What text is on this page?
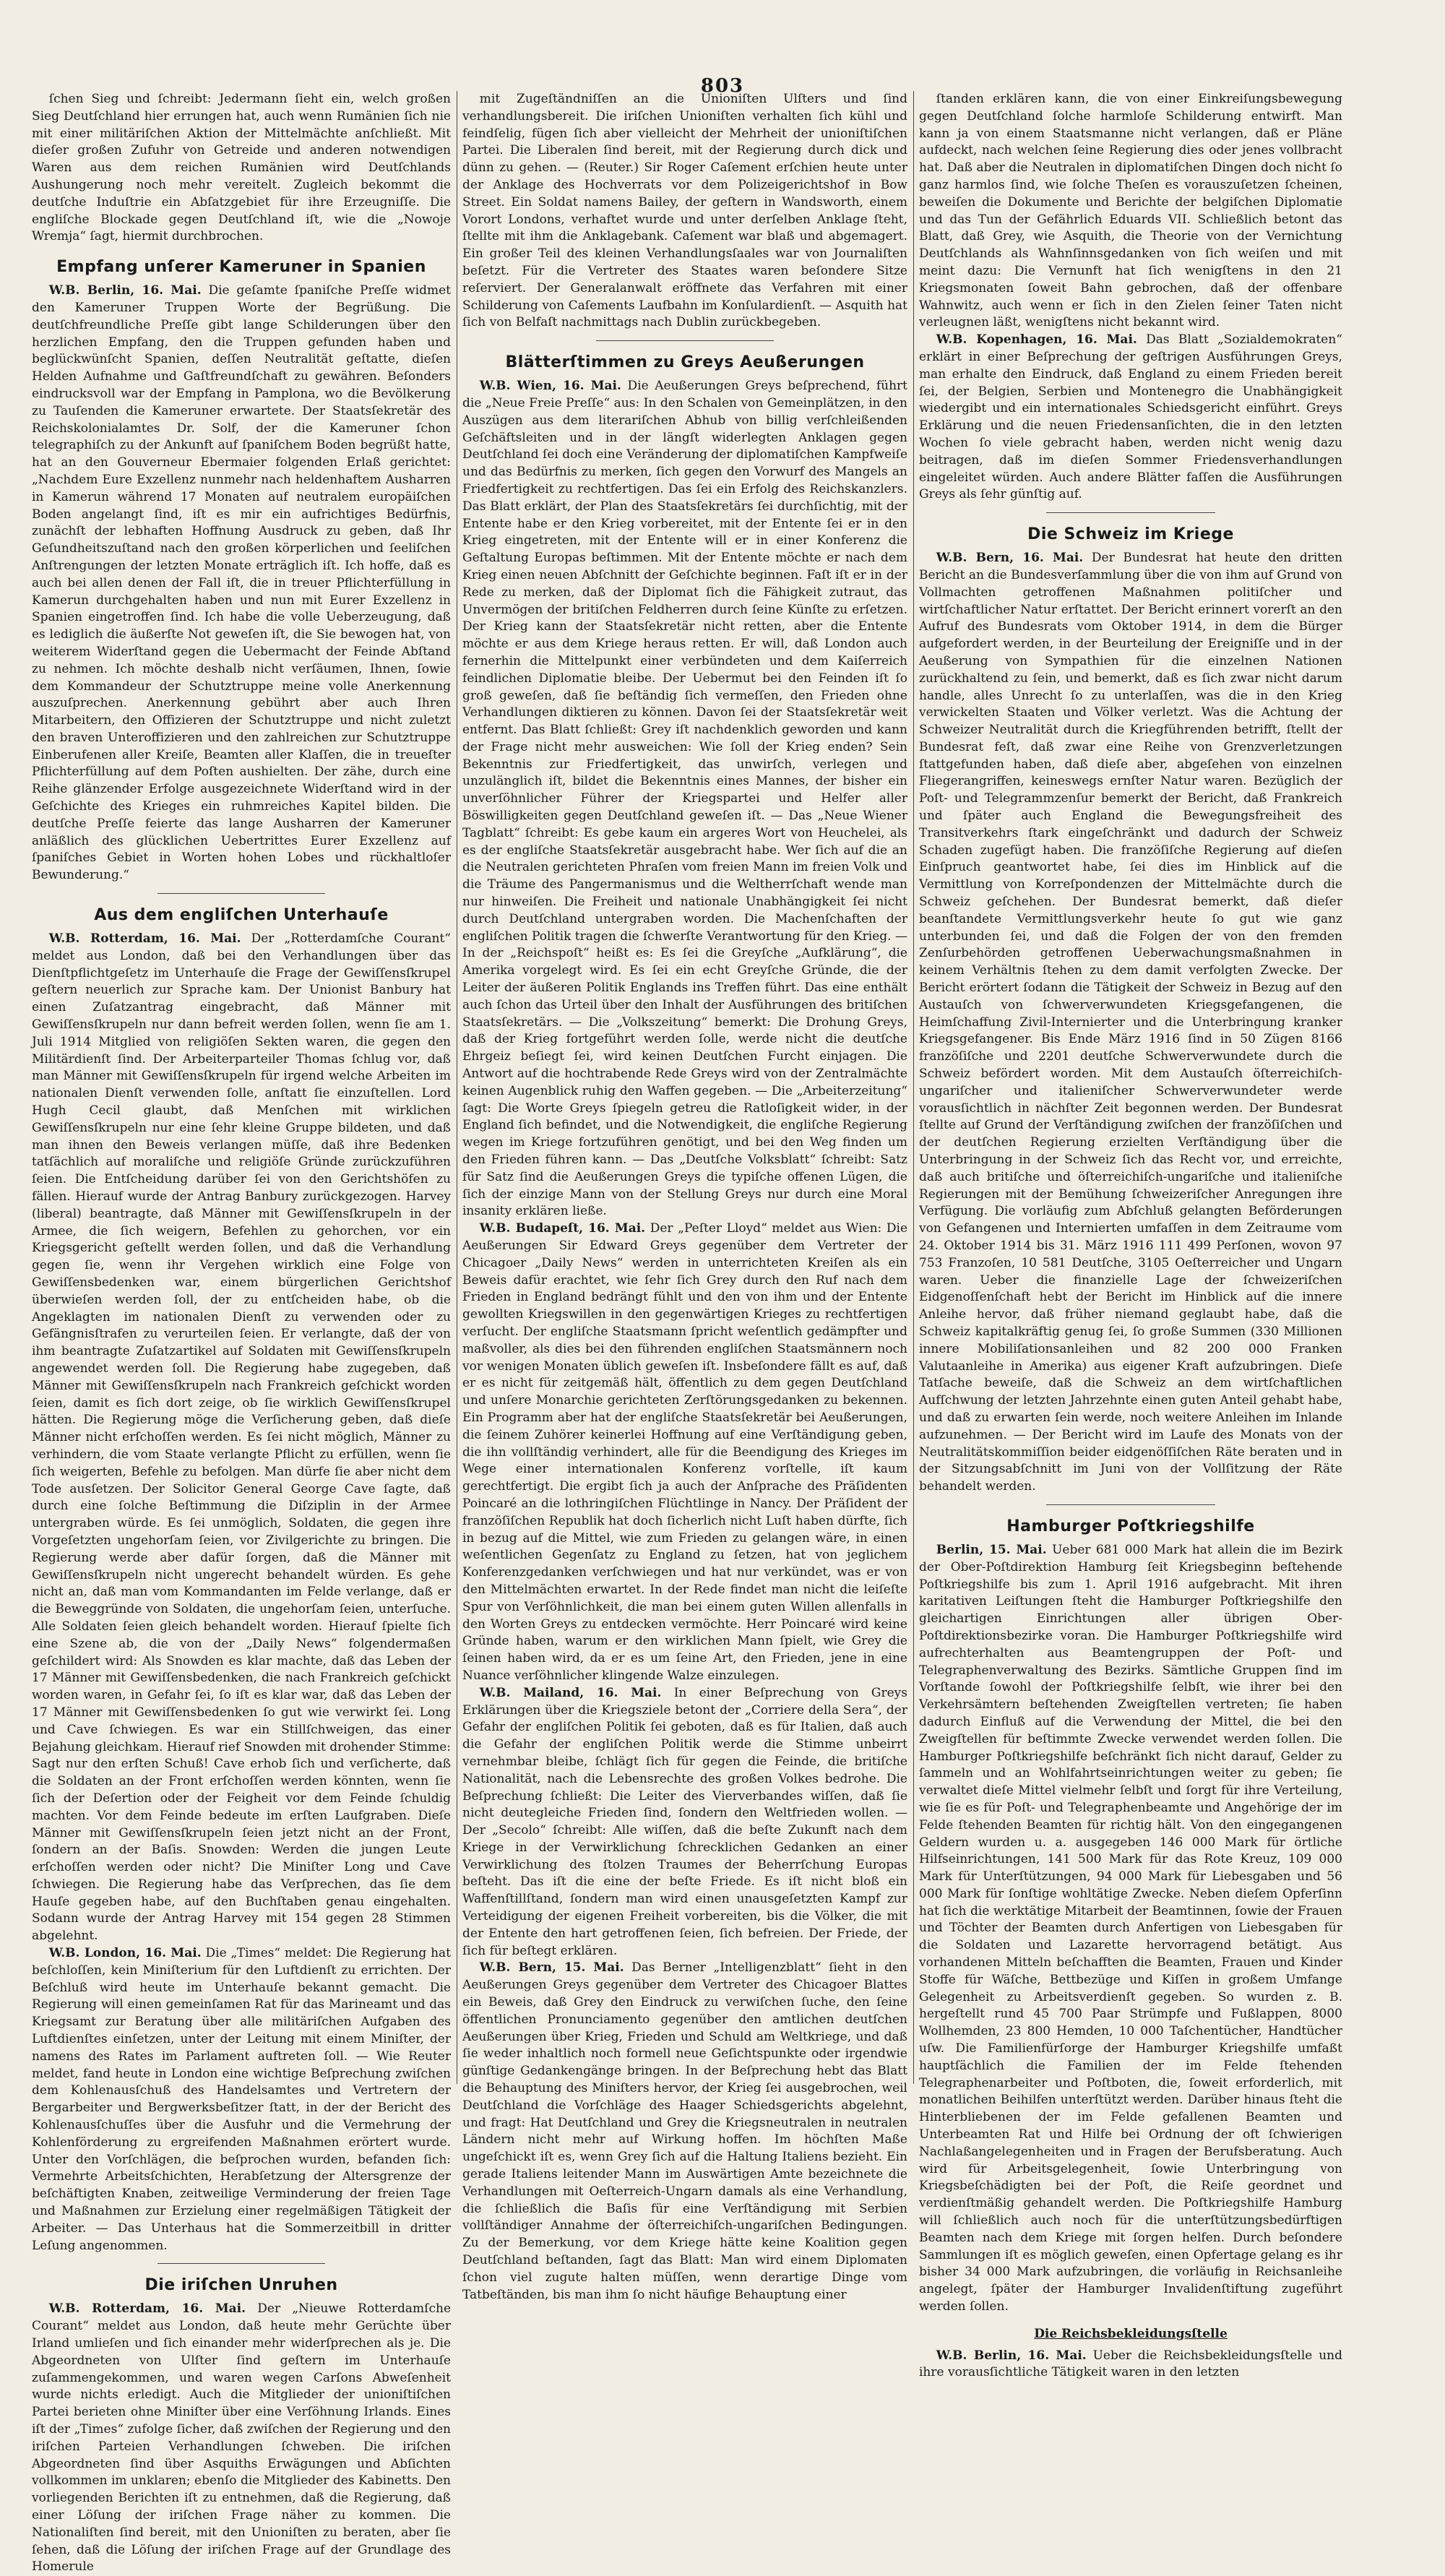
803

ſchen Sieg und ſchreibt: Jedermann ſieht ein, welch großen Sieg Deutſchland hier errungen hat, auch wenn Rumänien ſich nie mit einer militäriſchen Aktion der Mittelmächte anſchließt. Mit dieſer großen Zufuhr von Getreide und anderen notwendigen Waren aus dem reichen Rumänien wird Deutſchlands Aushungerung noch mehr vereitelt. Zugleich bekommt die deutſche Induſtrie ein Abſatzgebiet für ihre Erzeugniſſe. Die engliſche Blockade gegen Deutſchland iſt, wie die „Nowoje Wremja“ ſagt, hiermit durchbrochen.

Empfang unſerer Kameruner in Spanien

W.B. Berlin, 16. Mai. Die geſamte ſpaniſche Preſſe widmet den Kameruner Truppen Worte der Begrüßung. Die deutſchfreundliche Preſſe gibt lange Schilderungen über den herzlichen Empfang, den die Truppen gefunden haben und beglückwünſcht Spanien, deſſen Neutralität geſtatte, dieſen Helden Aufnahme und Gaſtfreundſchaft zu gewähren. Beſonders eindrucksvoll war der Empfang in Pamplona, wo die Bevölkerung zu Tauſenden die Kameruner erwartete. Der Staatsſekretär des Reichskolonialamtes Dr. Solf, der die Kameruner ſchon telegraphiſch zu der Ankunft auf ſpaniſchem Boden begrüßt hatte, hat an den Gouverneur Ebermaier folgenden Erlaß gerichtet: „Nachdem Eure Exzellenz nunmehr nach heldenhaftem Ausharren in Kamerun während 17 Monaten auf neutralem europäiſchen Boden angelangt ſind, iſt es mir ein aufrichtiges Bedürfnis, zunächſt der lebhaften Hoffnung Ausdruck zu geben, daß Ihr Geſundheitszuſtand nach den großen körperlichen und ſeeliſchen Anſtrengungen der letzten Monate erträglich iſt. Ich hoffe, daß es auch bei allen denen der Fall iſt, die in treuer Pflichterfüllung in Kamerun durchgehalten haben und nun mit Eurer Exzellenz in Spanien eingetroffen ſind. Ich habe die volle Ueberzeugung, daß es lediglich die äußerſte Not geweſen iſt, die Sie bewogen hat, von weiterem Widerſtand gegen die Uebermacht der Feinde Abſtand zu nehmen. Ich möchte deshalb nicht verſäumen, Ihnen, ſowie dem Kommandeur der Schutztruppe meine volle Anerkennung auszuſprechen. Anerkennung gebührt aber auch Ihren Mitarbeitern, den Offizieren der Schutztruppe und nicht zuletzt den braven Unteroffizieren und den zahlreichen zur Schutztruppe Einberufenen aller Kreiſe, Beamten aller Klaſſen, die in treueſter Pflichterfüllung auf dem Poſten aushielten. Der zähe, durch eine Reihe glänzender Erfolge ausgezeichnete Widerſtand wird in der Geſchichte des Krieges ein ruhmreiches Kapitel bilden. Die deutſche Preſſe feierte das lange Ausharren der Kameruner anläßlich des glücklichen Uebertrittes Eurer Exzellenz auf ſpaniſches Gebiet in Worten hohen Lobes und rückhaltloſer Bewunderung.“

Aus dem engliſchen Unterhauſe

W.B. Rotterdam, 16. Mai. Der „Rotterdamſche Courant“ meldet aus London, daß bei den Verhandlungen über das Dienſtpflichtgeſetz im Unterhauſe die Frage der Gewiſſensſkrupel geſtern neuerlich zur Sprache kam. Der Unionist Banbury hat einen Zuſatzantrag eingebracht, daß Männer mit Gewiſſensſkrupeln nur dann befreit werden ſollen, wenn ſie am 1. Juli 1914 Mitglied von religiöſen Sekten waren, die gegen den Militärdienſt ſind. Der Arbeiterparteiler Thomas ſchlug vor, daß man Männer mit Gewiſſensſkrupeln für irgend welche Arbeiten im nationalen Dienſt verwenden ſolle, anſtatt ſie einzuſtellen. Lord Hugh Cecil glaubt, daß Menſchen mit wirklichen Gewiſſensſkrupeln nur eine ſehr kleine Gruppe bildeten, und daß man ihnen den Beweis verlangen müſſe, daß ihre Bedenken tatſächlich auf moraliſche und religiöſe Gründe zurückzuführen ſeien. Die Entſcheidung darüber ſei von den Gerichtshöfen zu fällen. Hierauf wurde der Antrag Banbury zurückgezogen. Harvey (liberal) beantragte, daß Männer mit Gewiſſensſkrupeln in der Armee, die ſich weigern, Befehlen zu gehorchen, vor ein Kriegsgericht geſtellt werden ſollen, und daß die Verhandlung gegen ſie, wenn ihr Vergehen wirklich eine Folge von Gewiſſensbedenken war, einem bürgerlichen Gerichtshof überwieſen werden ſoll, der zu entſcheiden habe, ob die Angeklagten im nationalen Dienſt zu verwenden oder zu Gefängnisſtrafen zu verurteilen ſeien. Er verlangte, daß der von ihm beantragte Zuſatzartikel auf Soldaten mit Gewiſſensſkrupeln angewendet werden ſoll. Die Regierung habe zugegeben, daß Männer mit Gewiſſensſkrupeln nach Frankreich geſchickt worden ſeien, damit es ſich dort zeige, ob ſie wirklich Gewiſſensſkrupel hätten. Die Regierung möge die Verſicherung geben, daß dieſe Männer nicht erſchoſſen werden. Es ſei nicht möglich, Männer zu verhindern, die vom Staate verlangte Pflicht zu erfüllen, wenn ſie ſich weigerten, Befehle zu befolgen. Man dürfe ſie aber nicht dem Tode ausſetzen. Der Solicitor General George Cave ſagte, daß durch eine ſolche Beſtimmung die Diſziplin in der Armee untergraben würde. Es ſei unmöglich, Soldaten, die gegen ihre Vorgeſetzten ungehorſam ſeien, vor Zivilgerichte zu bringen. Die Regierung werde aber dafür ſorgen, daß die Männer mit Gewiſſensſkrupeln nicht ungerecht behandelt würden. Es gehe nicht an, daß man vom Kommandanten im Felde verlange, daß er die Beweggründe von Soldaten, die ungehorſam ſeien, unterſuche. Alle Soldaten ſeien gleich behandelt worden. Hierauf ſpielte ſich eine Szene ab, die von der „Daily News“ folgendermaßen geſchildert wird: Als Snowden es klar machte, daß das Leben der 17 Männer mit Gewiſſensbedenken, die nach Frankreich geſchickt worden waren, in Gefahr ſei, ſo iſt es klar war, daß das Leben der 17 Männer mit Gewiſſensbedenken ſo gut wie verwirkt ſei. Long und Cave ſchwiegen. Es war ein Stillſchweigen, das einer Bejahung gleichkam. Hierauf rief Snowden mit drohender Stimme: Sagt nur den erſten Schuß! Cave erhob ſich und verſicherte, daß die Soldaten an der Front erſchoſſen werden könnten, wenn ſie ſich der Deſertion oder der Feigheit vor dem Feinde ſchuldig machten. Vor dem Feinde bedeute im erſten Laufgraben. Dieſe Männer mit Gewiſſensſkrupeln ſeien jetzt nicht an der Front, ſondern an der Baſis. Snowden: Werden die jungen Leute erſchoſſen werden oder nicht? Die Miniſter Long und Cave ſchwiegen. Die Regierung habe das Verſprechen, das ſie dem Hauſe gegeben habe, auf den Buchſtaben genau eingehalten. Sodann wurde der Antrag Harvey mit 154 gegen 28 Stimmen abgelehnt.

W.B. London, 16. Mai. Die „Times“ meldet: Die Regierung hat beſchloſſen, kein Miniſterium für den Luftdienſt zu errichten. Der Beſchluß wird heute im Unterhauſe bekannt gemacht. Die Regierung will einen gemeinſamen Rat für das Marineamt und das Kriegsamt zur Beratung über alle militäriſchen Aufgaben des Luftdienſtes einſetzen, unter der Leitung mit einem Miniſter, der namens des Rates im Parlament auftreten ſoll. — Wie Reuter meldet, fand heute in London eine wichtige Beſprechung zwiſchen dem Kohlenausſchuß des Handelsamtes und Vertretern der Bergarbeiter und Bergwerksbeſitzer ſtatt, in der der Bericht des Kohlenausſchuſſes über die Ausfuhr und die Vermehrung der Kohlenförderung zu ergreifenden Maßnahmen erörtert wurde. Unter den Vorſchlägen, die beſprochen wurden, befanden ſich: Vermehrte Arbeitsſchichten, Herabſetzung der Altersgrenze der beſchäftigten Knaben, zeitweilige Verminderung der freien Tage und Maßnahmen zur Erzielung einer regelmäßigen Tätigkeit der Arbeiter. — Das Unterhaus hat die Sommerzeitbill in dritter Leſung angenommen.

Die iriſchen Unruhen

W.B. Rotterdam, 16. Mai. Der „Nieuwe Rotterdamſche Courant“ meldet aus London, daß heute mehr Gerüchte über Irland umlieſen und ſich einander mehr widerſprechen als je. Die Abgeordneten von Ulſter ſind geſtern im Unterhauſe zuſammengekommen, und waren wegen Carſons Abweſenheit wurde nichts erledigt. Auch die Mitglieder der unioniſtiſchen Partei berieten ohne Miniſter über eine Verſöhnung Irlands. Eines iſt der „Times“ zufolge ſicher, daß zwiſchen der Regierung und den iriſchen Parteien Verhandlungen ſchweben. Die iriſchen Abgeordneten ſind über Asquiths Erwägungen und Abſichten vollkommen im unklaren; ebenſo die Mitglieder des Kabinetts. Den vorliegenden Berichten iſt zu entnehmen, daß die Regierung, daß einer Löſung der iriſchen Frage näher zu kommen. Die Nationaliſten ſind bereit, mit den Unioniſten zu beraten, aber ſie ſehen, daß die Löſung der iriſchen Frage auf der Grundlage des Homerule

mit Zugeſtändniſſen an die Unioniſten Ulſters und ſind verhandlungsbereit. Die iriſchen Unioniſten verhalten ſich kühl und feindſelig, fügen ſich aber vielleicht der Mehrheit der unioniſtiſchen Partei. Die Liberalen ſind bereit, mit der Regierung durch dick und dünn zu gehen. — (Reuter.) Sir Roger Caſement erſchien heute unter der Anklage des Hochverrats vor dem Polizeigerichtshof in Bow Street. Ein Soldat namens Bailey, der geſtern in Wandsworth, einem Vorort Londons, verhaftet wurde und unter derſelben Anklage ſteht, ſtellte mit ihm die Anklagebank. Caſement war blaß und abgemagert. Ein großer Teil des kleinen Verhandlungsſaales war von Journaliſten beſetzt. Für die Vertreter des Staates waren beſondere Sitze reſerviert. Der Generalanwalt eröffnete das Verfahren mit einer Schilderung von Caſements Laufbahn im Konſulardienſt. — Asquith hat ſich von Belfaſt nachmittags nach Dublin zurückbegeben.

Blätterſtimmen zu Greys Aeußerungen

W.B. Wien, 16. Mai. Die Aeußerungen Greys beſprechend, führt die „Neue Freie Preſſe“ aus: In den Schalen von Gemeinplätzen, in den Auszügen aus dem literariſchen Abhub von billig verſchleißenden Geſchäftsleiten und in der längſt widerlegten Anklagen gegen Deutſchland ſei doch eine Veränderung der diplomatiſchen Kampfweiſe und das Bedürfnis zu merken, ſich gegen den Vorwurf des Mangels an Friedfertigkeit zu rechtfertigen. Das ſei ein Erfolg des Reichskanzlers. Das Blatt erklärt, der Plan des Staatsſekretärs ſei durchſichtig, mit der Entente habe er den Krieg vorbereitet, mit der Entente ſei er in den Krieg eingetreten, mit der Entente will er in einer Konferenz die Geſtaltung Europas beſtimmen. Mit der Entente möchte er nach dem Krieg einen neuen Abſchnitt der Geſchichte beginnen. Faſt iſt er in der Rede zu merken, daß der Diplomat ſich die Fähigkeit zutraut, das Unvermögen der britiſchen Feldherren durch ſeine Künſte zu erſetzen. Der Krieg kann der Staatsſekretär nicht retten, aber die Entente möchte er aus dem Kriege heraus retten. Er will, daß London auch fernerhin die Mittelpunkt einer verbündeten und dem Kaiſerreich feindlichen Diplomatie bleibe. Der Uebermut bei den Feinden iſt ſo groß geweſen, daß ſie beſtändig ſich vermeſſen, den Frieden ohne Verhandlungen diktieren zu können. Davon ſei der Staatsſekretär weit entfernt. Das Blatt ſchließt: Grey iſt nachdenklich geworden und kann der Frage nicht mehr ausweichen: Wie ſoll der Krieg enden? Sein Bekenntnis zur Friedfertigkeit, das unwirſch, verlegen und unzulänglich iſt, bildet die Bekenntnis eines Mannes, der bisher ein unverſöhnlicher Führer der Kriegspartei und Helfer aller Böswilligkeiten gegen Deutſchland geweſen iſt. — Das „Neue Wiener Tagblatt“ ſchreibt: Es gebe kaum ein argeres Wort von Heuchelei, als es der engliſche Staatsſekretär ausgebracht habe. Wer ſich auf die an die Neutralen gerichteten Phraſen vom freien Mann im freien Volk und die Träume des Pangermanismus und die Weltherrſchaft wende man nur hinweiſen. Die Freiheit und nationale Unabhängigkeit ſei nicht durch Deutſchland untergraben worden. Die Machenſchaften der engliſchen Politik tragen die ſchwerſte Verantwortung für den Krieg. — In der „Reichspoſt“ heißt es: Es ſei die Greyſche „Aufklärung“, die Amerika vorgelegt wird. Es ſei ein echt Greyſche Gründe, die der Leiter der äußeren Politik Englands ins Treffen führt. Das eine enthält auch ſchon das Urteil über den Inhalt der Ausführungen des britiſchen Staatsſekretärs. — Die „Volkszeitung“ bemerkt: Die Drohung Greys, daß der Krieg fortgeführt werden ſolle, werde nicht die deutſche Ehrgeiz beſiegt ſei, wird keinen Deutſchen Furcht einjagen. Die Antwort auf die hochtrabende Rede Greys wird von der Zentralmächte keinen Augenblick ruhig den Waffen gegeben. — Die „Arbeiterzeitung“ ſagt: Die Worte Greys ſpiegeln getreu die Ratloſigkeit wider, in der England ſich befindet, und die Notwendigkeit, die engliſche Regierung wegen im Kriege fortzuführen genötigt, und bei den Weg finden um den Frieden führen kann. — Das „Deutſche Volksblatt“ ſchreibt: Satz für Satz ſind die Aeußerungen Greys die typiſche offenen Lügen, die ſich der einzige Mann von der Stellung Greys nur durch eine Moral insanity erklären ließe.

W.B. Budapeſt, 16. Mai. Der „Peſter Lloyd“ meldet aus Wien: Die Aeußerungen Sir Edward Greys gegenüber dem Vertreter der Chicagoer „Daily News“ werden in unterrichteten Kreiſen als ein Beweis dafür erachtet, wie ſehr ſich Grey durch den Ruf nach dem Frieden in England bedrängt fühlt und den von ihm und der Entente gewollten Kriegswillen in den gegenwärtigen Krieges zu rechtfertigen verſucht. Der engliſche Staatsmann ſpricht weſentlich gedämpfter und maßvoller, als dies bei den führenden engliſchen Staatsmännern noch vor wenigen Monaten üblich geweſen iſt. Insbeſondere fällt es auf, daß er es nicht für zeitgemäß hält, öffentlich zu dem gegen Deutſchland und unſere Monarchie gerichteten Zerſtörungsgedanken zu bekennen. Ein Programm aber hat der engliſche Staatsſekretär bei Aeußerungen, die ſeinem Zuhörer keinerlei Hoffnung auf eine Verſtändigung geben, die ihn vollſtändig verhindert, alle für die Beendigung des Krieges im Wege einer internationalen Konferenz vorſtelle, iſt kaum gerechtfertigt. Die ergibt ſich ja auch der Anſprache des Präſidenten Poincaré an die lothringiſchen Flüchtlinge in Nancy. Der Präſident der franzöſiſchen Republik hat doch ſicherlich nicht Luſt haben dürfte, ſich in bezug auf die Mittel, wie zum Frieden zu gelangen wäre, in einen weſentlichen Gegenſatz zu England zu ſetzen, hat von jeglichem Konferenzgedanken verſchwiegen und hat nur verkündet, was er von den Mittelmächten erwartet. In der Rede findet man nicht die leiſeſte Spur von Verſöhnlichkeit, die man bei einem guten Willen allenfalls in den Worten Greys zu entdecken vermöchte. Herr Poincaré wird keine Gründe haben, warum er den wirklichen Mann ſpielt, wie Grey die ſeinen haben wird, da er es um ſeine Art, den Frieden, jene in eine Nuance verſöhnlicher klingende Walze einzulegen.

W.B. Mailand, 16. Mai. In einer Beſprechung von Greys Erklärungen über die Kriegsziele betont der „Corriere della Sera“, der Gefahr der engliſchen Politik ſei geboten, daß es für Italien, daß auch die Gefahr der engliſchen Politik werde die Stimme unbeirrt vernehmbar bleibe, ſchlägt ſich für gegen die Feinde, die britiſche Nationalität, nach die Lebensrechte des großen Volkes bedrohe. Die Beſprechung ſchließt: Die Leiter des Vierverbandes wiſſen, daß ſie nicht deutegleiche Frieden ſind, ſondern den Weltfrieden wollen. — Der „Secolo“ ſchreibt: Alle wiſſen, daß die beſte Zukunft nach dem Kriege in der Verwirklichung ſchrecklichen Gedanken an einer Verwirklichung des ſtolzen Traumes der Beherrſchung Europas beſteht. Das iſt die eine der beſte Friede. Es iſt nicht bloß ein Waffenſtillſtand, ſondern man wird einen unausgeſetzten Kampf zur Verteidigung der eigenen Freiheit vorbereiten, bis die Völker, die mit der Entente den hart getroffenen ſeien, ſich befreien. Der Friede, der ſich für beſtegt erklären.

W.B. Bern, 15. Mai. Das Berner „Intelligenzblatt“ ſieht in den Aeußerungen Greys gegenüber dem Vertreter des Chicagoer Blattes ein Beweis, daß Grey den Eindruck zu verwiſchen ſuche, den ſeine öffentlichen Pronunciamento gegenüber den amtlichen deutſchen Aeußerungen über Krieg, Frieden und Schuld am Weltkriege, und daß ſie weder inhaltlich noch formell neue Geſichtspunkte oder irgendwie günſtige Gedankengänge bringen. In der Beſprechung hebt das Blatt die Behauptung des Miniſters hervor, der Krieg ſei ausgebrochen, weil Deutſchland die Vorſchläge des Haager Schiedsgerichts abgelehnt, und fragt: Hat Deutſchland und Grey die Kriegsneutralen in neutralen Ländern nicht mehr auf Wirkung hoffen. Im höchſten Maße ungeſchickt iſt es, wenn Grey ſich auf die Haltung Italiens bezieht. Ein gerade Italiens leitender Mann im Auswärtigen Amte bezeichnete die Verhandlungen mit Oeſterreich-Ungarn damals als eine Verhandlung, die ſchließlich die Baſis für eine Verſtändigung mit Serbien vollſtändiger Annahme der öſterreichiſch-ungariſchen Bedingungen. Zu der Bemerkung, vor dem Kriege hätte keine Koalition gegen Deutſchland beſtanden, ſagt das Blatt: Man wird einem Diplomaten ſchon viel zugute halten müſſen, wenn derartige Dinge vom Tatbeſtänden, bis man ihm ſo nicht häufige Behauptung einer

ſtanden erklären kann, die von einer Einkreiſungsbewegung gegen Deutſchland ſolche harmloſe Schilderung entwirft. Man kann ja von einem Staatsmanne nicht verlangen, daß er Pläne aufdeckt, nach welchen ſeine Regierung dies oder jenes vollbracht hat. Daß aber die Neutralen in diplomatiſchen Dingen doch nicht ſo ganz harmlos ſind, wie ſolche Theſen es vorauszuſetzen ſcheinen, beweiſen die Dokumente und Berichte der belgiſchen Diplomatie und das Tun der Gefährlich Eduards VII. Schließlich betont das Blatt, daß Grey, wie Asquith, die Theorie von der Vernichtung Deutſchlands als Wahnſinnsgedanken von ſich weiſen und mit meint dazu: Die Vernunft hat ſich wenigſtens in den 21 Kriegsmonaten ſoweit Bahn gebrochen, daß der offenbare Wahnwitz, auch wenn er ſich in den Zielen ſeiner Taten nicht verleugnen läßt, wenigſtens nicht bekannt wird.

W.B. Kopenhagen, 16. Mai. Das Blatt „Sozialdemokraten“ erklärt in einer Beſprechung der geſtrigen Ausführungen Greys, man erhalte den Eindruck, daß England zu einem Frieden bereit ſei, der Belgien, Serbien und Montenegro die Unabhängigkeit wiedergibt und ein internationales Schiedsgericht einführt. Greys Erklärung und die neuen Friedensanſichten, die in den letzten Wochen ſo viele gebracht haben, werden nicht wenig dazu beitragen, daß im dieſen Sommer Friedensverhandlungen eingeleitet würden. Auch andere Blätter faſſen die Ausführungen Greys als ſehr günſtig auf.

Die Schweiz im Kriege

W.B. Bern, 16. Mai. Der Bundesrat hat heute den dritten Bericht an die Bundesverſammlung über die von ihm auf Grund von Vollmachten getroffenen Maßnahmen politiſcher und wirtſchaftlicher Natur erſtattet. Der Bericht erinnert vorerſt an den Aufruf des Bundesrats vom Oktober 1914, in dem die Bürger aufgefordert werden, in der Beurteilung der Ereigniſſe und in der Aeußerung von Sympathien für die einzelnen Nationen zurückhaltend zu ſein, und bemerkt, daß es ſich zwar nicht darum handle, alles Unrecht ſo zu unterlaſſen, was die in den Krieg verwickelten Staaten und Völker verletzt. Was die Achtung der Schweizer Neutralität durch die Kriegführenden betrifft, ſtellt der Bundesrat feſt, daß zwar eine Reihe von Grenzverletzungen ſtattgefunden haben, daß dieſe aber, abgeſehen von einzelnen Fliegerangriffen, keineswegs ernſter Natur waren. Bezüglich der Poſt- und Telegrammzenſur bemerkt der Bericht, daß Frankreich und ſpäter auch England die Bewegungsfreiheit des Transitverkehrs ſtark eingeſchränkt und dadurch der Schweiz Schaden zugefügt haben. Die franzöſiſche Regierung auf dieſen Einſpruch geantwortet habe, ſei dies im Hinblick auf die Vermittlung von Korreſpondenzen der Mittelmächte durch die Schweiz geſchehen. Der Bundesrat bemerkt, daß dieſer beanſtandete Vermittlungsverkehr heute ſo gut wie ganz unterbunden ſei, und daß die Folgen der von den fremden Zenſurbehörden getroffenen Ueberwachungsmaßnahmen in keinem Verhältnis ſtehen zu dem damit verfolgten Zwecke. Der Bericht erörtert ſodann die Tätigkeit der Schweiz in Bezug auf den Austauſch von ſchwerverwundeten Kriegsgefangenen, die Heimſchaffung Zivil-Internierter und die Unterbringung kranker Kriegsgefangener. Bis Ende März 1916 ſind in 50 Zügen 8166 franzöſiſche und 2201 deutſche Schwerverwundete durch die Schweiz befördert worden. Mit dem Austauſch öſterreichiſch-ungariſcher und italieniſcher Schwerverwundeter werde vorausſichtlich in nächſter Zeit begonnen werden. Der Bundesrat ſtellte auf Grund der Verſtändigung zwiſchen der franzöſiſchen und der deutſchen Regierung erzielten Verſtändigung über die Unterbringung in der Schweiz ſich das Recht vor, und erreichte, daß auch britiſche und öſterreichiſch-ungariſche und italieniſche Regierungen mit der Bemühung ſchweizeriſcher Anregungen ihre Verfügung. Die vorläufig zum Abſchluß gelangten Beförderungen von Gefangenen und Internierten umfaſſen in dem Zeitraume vom 24. Oktober 1914 bis 31. März 1916 111 499 Perſonen, wovon 97 753 Franzoſen, 10 581 Deutſche, 3105 Oeſterreicher und Ungarn waren. Ueber die finanzielle Lage der ſchweizeriſchen Eidgenoſſenſchaft hebt der Bericht im Hinblick auf die innere Anleihe hervor, daß früher niemand geglaubt habe, daß die Schweiz kapitalkräftig genug ſei, ſo große Summen (330 Millionen innere Mobiliſationsanleihen und 82 200 000 Franken Valutaanleihe in Amerika) aus eigener Kraft aufzubringen. Dieſe Tatſache beweiſe, daß die Schweiz an dem wirtſchaftlichen Aufſchwung der letzten Jahrzehnte einen guten Anteil gehabt habe, und daß zu erwarten ſein werde, noch weitere Anleihen im Inlande aufzunehmen. — Der Bericht wird im Laufe des Monats von der Neutralitätskommiſſion beider eidgenöſſiſchen Räte beraten und in der Sitzungsabſchnitt im Juni von der Vollſitzung der Räte behandelt werden.

Hamburger Poſtkriegshilfe

Berlin, 15. Mai. Ueber 681 000 Mark hat allein die im Bezirk der Ober-Poſtdirektion Hamburg ſeit Kriegsbeginn beſtehende Poſtkriegshilfe bis zum 1. April 1916 aufgebracht. Mit ihren karitativen Leiſtungen ſteht die Hamburger Poſtkriegshilfe den gleichartigen Einrichtungen aller übrigen Ober-Poſtdirektionsbezirke voran. Die Hamburger Poſtkriegshilfe wird aufrechterhalten aus Beamtengruppen der Poſt- und Telegraphenverwaltung des Bezirks. Sämtliche Gruppen ſind im Vorſtande ſowohl der Poſtkriegshilfe ſelbſt, wie ihrer bei den Verkehrsämtern beſtehenden Zweigſtellen vertreten; ſie haben dadurch Einfluß auf die Verwendung der Mittel, die bei den Zweigſtellen für beſtimmte Zwecke verwendet werden ſollen. Die Hamburger Poſtkriegshilfe beſchränkt ſich nicht darauf, Gelder zu ſammeln und an Wohlfahrtseinrichtungen weiter zu geben; ſie verwaltet dieſe Mittel vielmehr ſelbſt und ſorgt für ihre Verteilung, wie ſie es für Poſt- und Telegraphenbeamte und Angehörige der im Felde ſtehenden Beamten für richtig hält. Von den eingegangenen Geldern wurden u. a. ausgegeben 146 000 Mark für örtliche Hilfseinrichtungen, 141 500 Mark für das Rote Kreuz, 109 000 Mark für Unterſtützungen, 94 000 Mark für Liebesgaben und 56 000 Mark für ſonſtige wohltätige Zwecke. Neben dieſem Opferſinn hat ſich die werktätige Mitarbeit der Beamtinnen, ſowie der Frauen und Töchter der Beamten durch Anfertigen von Liebesgaben für die Soldaten und Lazarette hervorragend betätigt. Aus vorhandenen Mitteln beſchafften die Beamten, Frauen und Kinder Stoffe für Wäſche, Bettbezüge und Kiſſen in großem Umfange Gelegenheit zu Arbeitsverdienſt gegeben. So wurden z. B. hergeſtellt rund 45 700 Paar Strümpfe und Fußlappen, 8000 Wollhemden, 23 800 Hemden, 10 000 Taſchentücher, Handtücher uſw. Die Familienfürſorge der Hamburger Kriegshilfe umfaßt hauptſächlich die Familien der im Felde ſtehenden Telegraphenarbeiter und Poſtboten, die, ſoweit erforderlich, mit monatlichen Beihilfen unterſtützt werden. Darüber hinaus ſteht die Hinterbliebenen der im Felde gefallenen Beamten und Unterbeamten Rat und Hilfe bei Ordnung der oft ſchwierigen Nachlaßangelegenheiten und in Fragen der Berufsberatung. Auch wird für Arbeitsgelegenheit, ſowie Unterbringung von Kriegsbeſchädigten bei der Poſt, die Reiſe geordnet und verdienſtmäßig gehandelt werden. Die Poſtkriegshilfe Hamburg will ſchließlich auch noch für die unterſtützungsbedürftigen Beamten nach dem Kriege mit ſorgen helfen. Durch beſondere Sammlungen iſt es möglich geweſen, einen Opfertage gelang es ihr bisher 34 000 Mark aufzubringen, die vorläufig in Reichsanleihe angelegt, ſpäter der Hamburger Invalidenſtiftung zugeführt werden ſollen.

Die Reichsbekleidungsſtelle

W.B. Berlin, 16. Mai. Ueber die Reichsbekleidungsſtelle und ihre vorausſichtliche Tätigkeit waren in den letzten
